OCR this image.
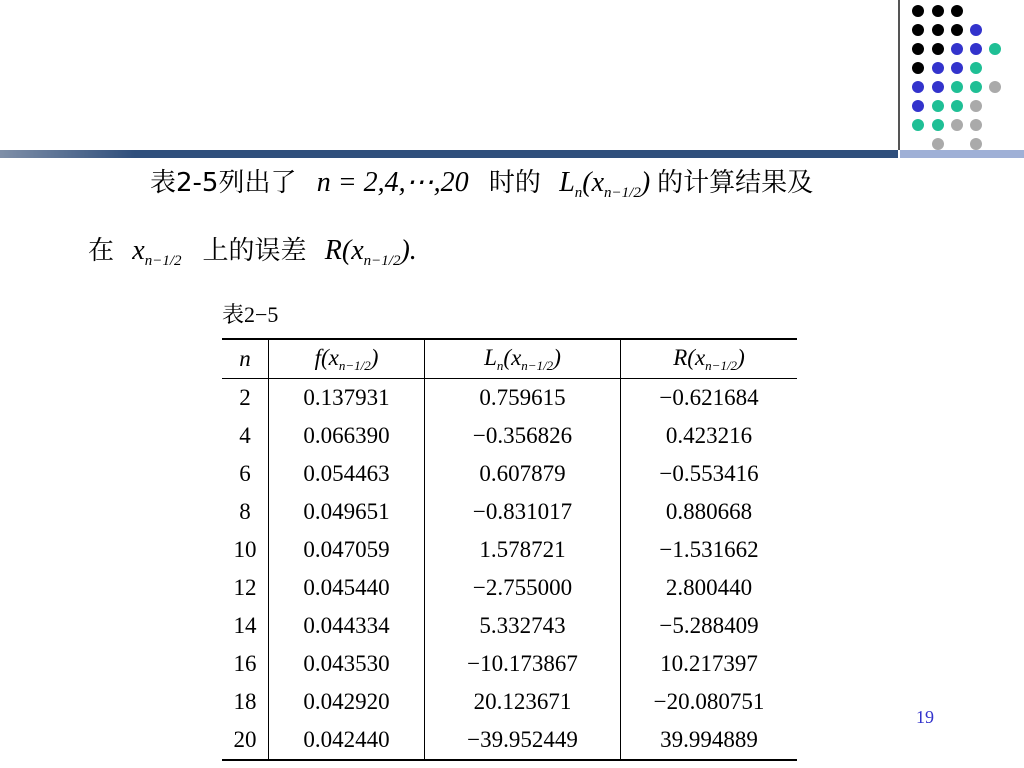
表2-5列出了 n = 2,4,⋯,20 时的 $L_n(x_{n-1/2})$ 的计算结果及
在 $x_{n-1/2}$ 上的误差 $R(x_{n-1/2})$.
表2−5
n	$f(x_{n-1/2})$	$L_n(x_{n-1/2})$	$R(x_{n-1/2})$
2	0.137931	0.759615	−0.621684
4	0.066390	−0.356826	0.423216
6	0.054463	0.607879	−0.553416
8	0.049651	−0.831017	0.880668
10	0.047059	1.578721	−1.531662
12	0.045440	−2.755000	2.800440
14	0.044334	5.332743	−5.288409
16	0.043530	−10.173867	10.217397
18	0.042920	20.123671	−20.080751
20	0.042440	−39.952449	39.994889
19
